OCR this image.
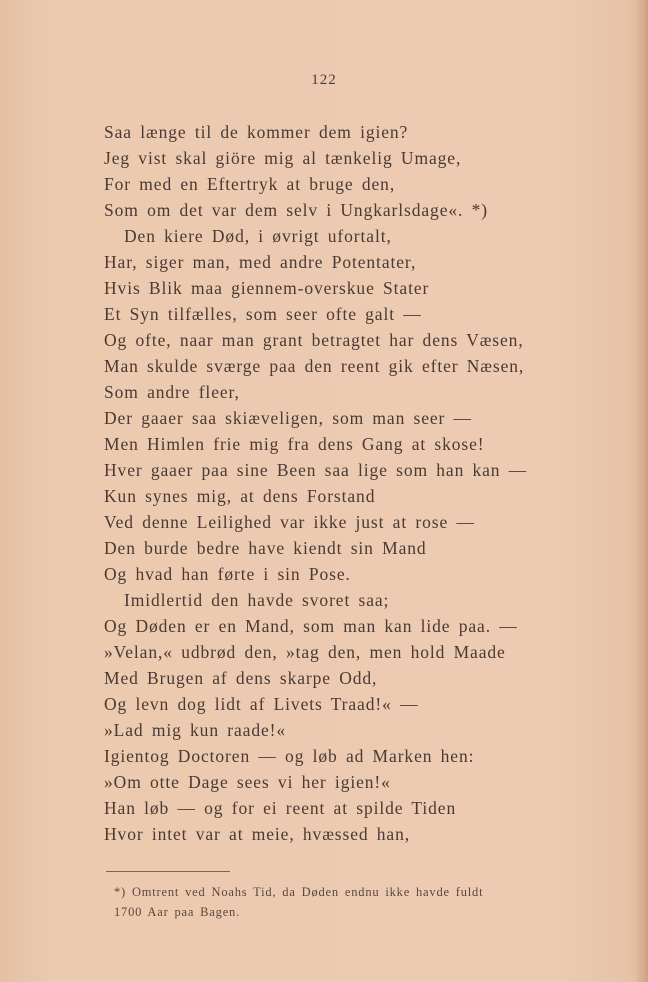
122
Saa længe til de kommer dem igien?
Jeg vist skal giöre mig al tænkelig Umage,
For med en Eftertryk at bruge den,
Som om det var dem selv i Ungkarlsdage«. *)
Den kiere Død, i øvrigt ufortalt,
Har, siger man, med andre Potentater,
Hvis Blik maa giennem-overskue Stater
Et Syn tilfælles, som seer ofte galt —
Og ofte, naar man grant betragtet har dens Væsen,
Man skulde sværge paa den reent gik efter Næsen,
Som andre fleer,
Der gaaer saa skiæveligen, som man seer —
Men Himlen frie mig fra dens Gang at skose!
Hver gaaer paa sine Been saa lige som han kan —
Kun synes mig, at dens Forstand
Ved denne Leilighed var ikke just at rose —
Den burde bedre have kiendt sin Mand
Og hvad han førte i sin Pose.
Imidlertid den havde svoret saa;
Og Døden er en Mand, som man kan lide paa. —
»Velan,« udbrød den, »tag den, men hold Maade
Med Brugen af dens skarpe Odd,
Og levn dog lidt af Livets Traad!« —
»Lad mig kun raade!«
Igientog Doctoren — og løb ad Marken hen:
»Om otte Dage sees vi her igien!«
Han løb — og for ei reent at spilde Tiden
Hvor intet var at meie, hvæssed han,
*) Omtrent ved Noahs Tid, da Døden endnu ikke havde fuldt
1700 Aar paa Bagen.
